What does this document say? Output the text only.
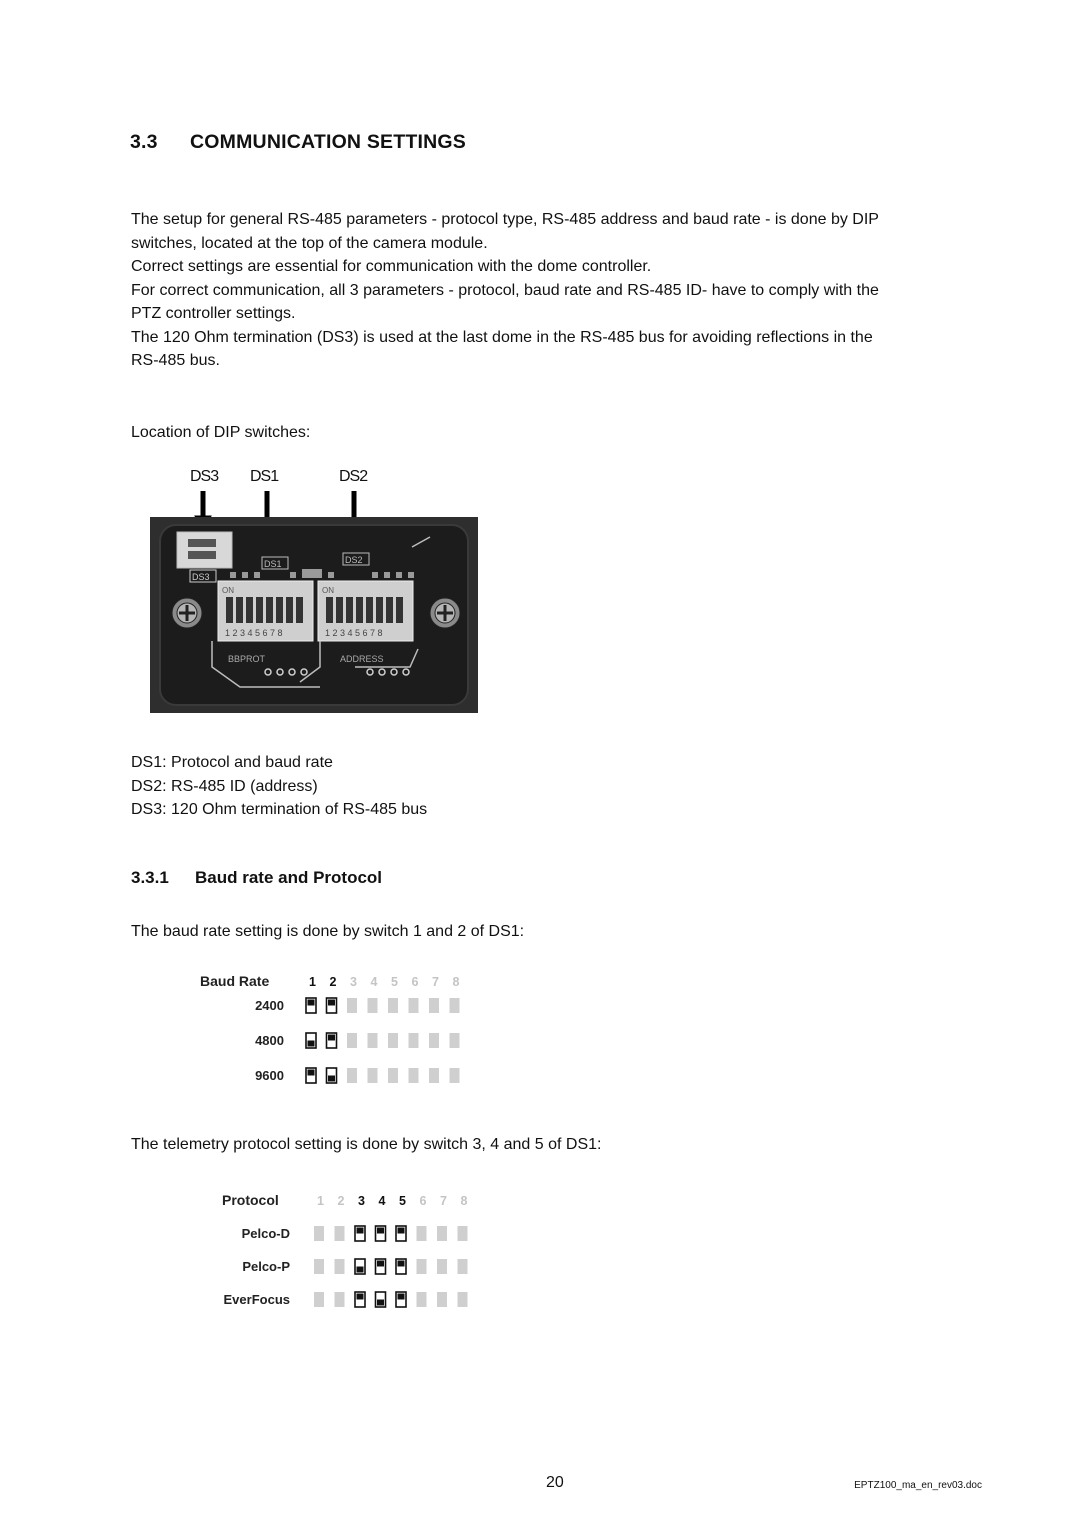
3.3 COMMUNICATION SETTINGS
The setup for general RS-485 parameters - protocol type, RS-485 address and baud rate - is done by DIP
switches, located at the top of the camera module.
Correct settings are essential for communication with the dome controller.
For correct communication, all 3 parameters - protocol, baud rate and RS-485 ID- have to comply with the
PTZ controller settings.
The 120 Ohm termination (DS3) is used at the last dome in the RS-485 bus for avoiding reflections in the
RS-485 bus.
Location of DIP switches:
DS3 DS1	DS2
DS3
DS1	DS2
ON
1 2 3 4 5 6 7 8
ON
1 2 3 4 5 6 7 8
BBPROT	ADDRESS
DS1: Protocol and baud rate
DS2: RS-485 ID (address)
DS3: 120 Ohm termination of RS-485 bus
3.3.1 Baud rate and Protocol
The baud rate setting is done by switch 1 and 2 of DS1:
Baud Rate	1 2 3 4 5 6 7 8
2400
4800
9600
The telemetry protocol setting is done by switch 3, 4 and 5 of DS1:
Protocol	1 2 3 4 5 6 7 8
Pelco-D
Pelco-P
EverFocus
20	EPTZ100_ma_en_rev03.doc
